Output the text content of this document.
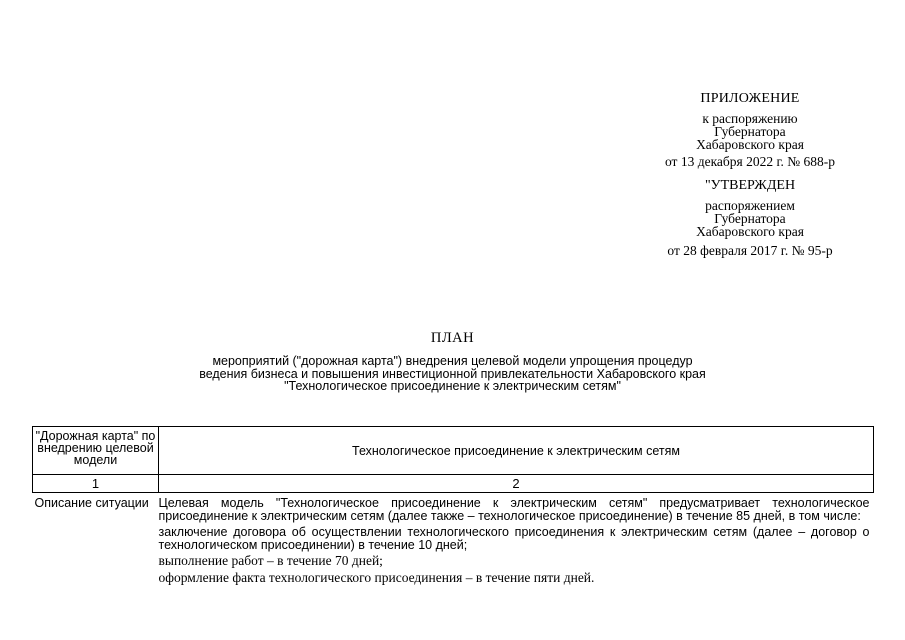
ПРИЛОЖЕНИЕ
к распоряжению
Губернатора
Хабаровского края
от 13 декабря 2022 г. № 688-р
"УТВЕРЖДЕН
распоряжением
Губернатора
Хабаровского края
от 28 февраля 2017 г. № 95-р
ПЛАН
мероприятий ("дорожная карта") внедрения целевой модели упрощения процедур
ведения бизнеса и повышения инвестиционной привлекательности Хабаровского края
"Технологическое присоединение к электрическим сетям"
"Дорожная карта" по внедрению целевой модели	Технологическое присоединение к электрическим сетям
1	2
Описание ситуации	Целевая модель "Технологическое присоединение к электрическим сетям" предусматривает технологическое присоединение к электрическим сетям (далее также – технологическое присоединение) в течение 85 дней, в том числе:

заключение договора об осуществлении технологического присоединения к электрическим сетям (далее – договор о технологическом присоединении) в течение 10 дней;

выполнение работ – в течение 70 дней;

оформление факта технологического присоединения – в течение пяти дней.
